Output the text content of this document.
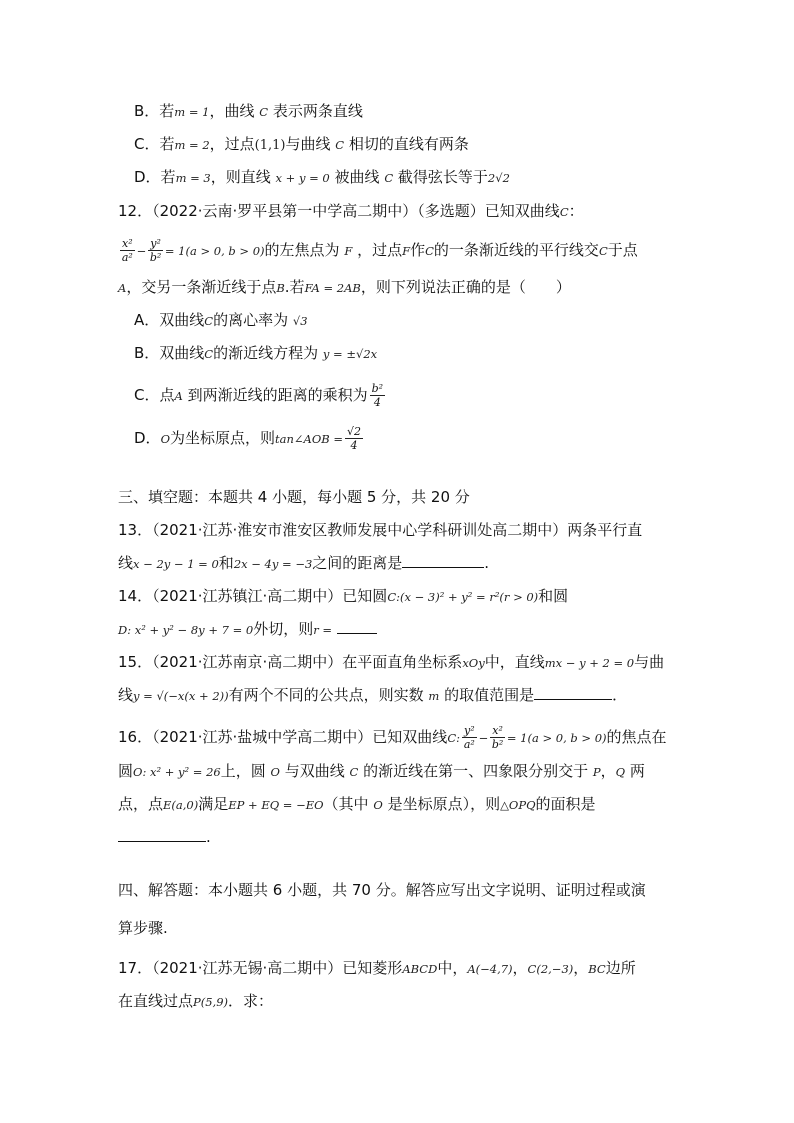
B．若m = 1，曲线 C 表示两条直线
C．若m = 2，过点(1,1)与曲线 C 相切的直线有两条
D．若m = 3，则直线 x + y = 0 被曲线 C 截得弦长等于2√2
12．（2022·云南·罗平县第一中学高二期中）（多选题）已知双曲线C：
$\frac{\text{x²}}{\text{a²}} - \frac{\text{y²}}{\text{b²}} = 1(a > 0$, b > 0)的左焦点为 F ，过点F作C的一条渐近线的平行线交C于点
A，交另一条渐近线于点B.若FA = 2AB，则下列说法正确的是（　　）
A．双曲线C的离心率为 √3
B．双曲线C的渐近线方程为 y = ±√2x
C．点A 到两渐近线的距离的乘积为 $\frac{\text{b²}}{4}$
D．O为坐标原点，则tan∠AOB = $\frac{√2}{4}$
三、填空题：本题共 4 小题，每小题 5 分，共 20 分
13．（2021·江苏·淮安市淮安区教师发展中心学科研训处高二期中）两条平行直
线x − 2y − 1 = 0和2x − 4y = −3之间的距离是	.
14．（2021·江苏镇江·高二期中）已知圆C:(x − 3)² + y² = r²(r > 0)和圆
D: x² + y² − 8y + 7 = 0外切，则r =
15．（2021·江苏南京·高二期中）在平面直角坐标系xOy中，直线mx − y + 2 = 0与曲
线y = √(−x(x + 2))有两个不同的公共点，则实数 m 的取值范围是	．
16．（2021·江苏·盐城中学高二期中）已知双曲线C: $\frac{\text{y²}}{\text{a²}} - \frac{\text{x²}}{\text{b²}} = 1(a > 0$, b > 0)的焦点在
圆O: x² + y² = 26上，圆 O 与双曲线 C 的渐近线在第一、四象限分别交于 P，Q 两
点，点E(a,0)满足EP + EQ = −EO（其中 O 是坐标原点），则△OPQ的面积是
.
四、解答题：本小题共 6 小题，共 70 分。解答应写出文字说明、证明过程或演
算步骤.
17．（2021·江苏无锡·高二期中）已知菱形ABCD中，A(−4,7)，C(2,−3)，BC边所
在直线过点P(5,9)．求：
